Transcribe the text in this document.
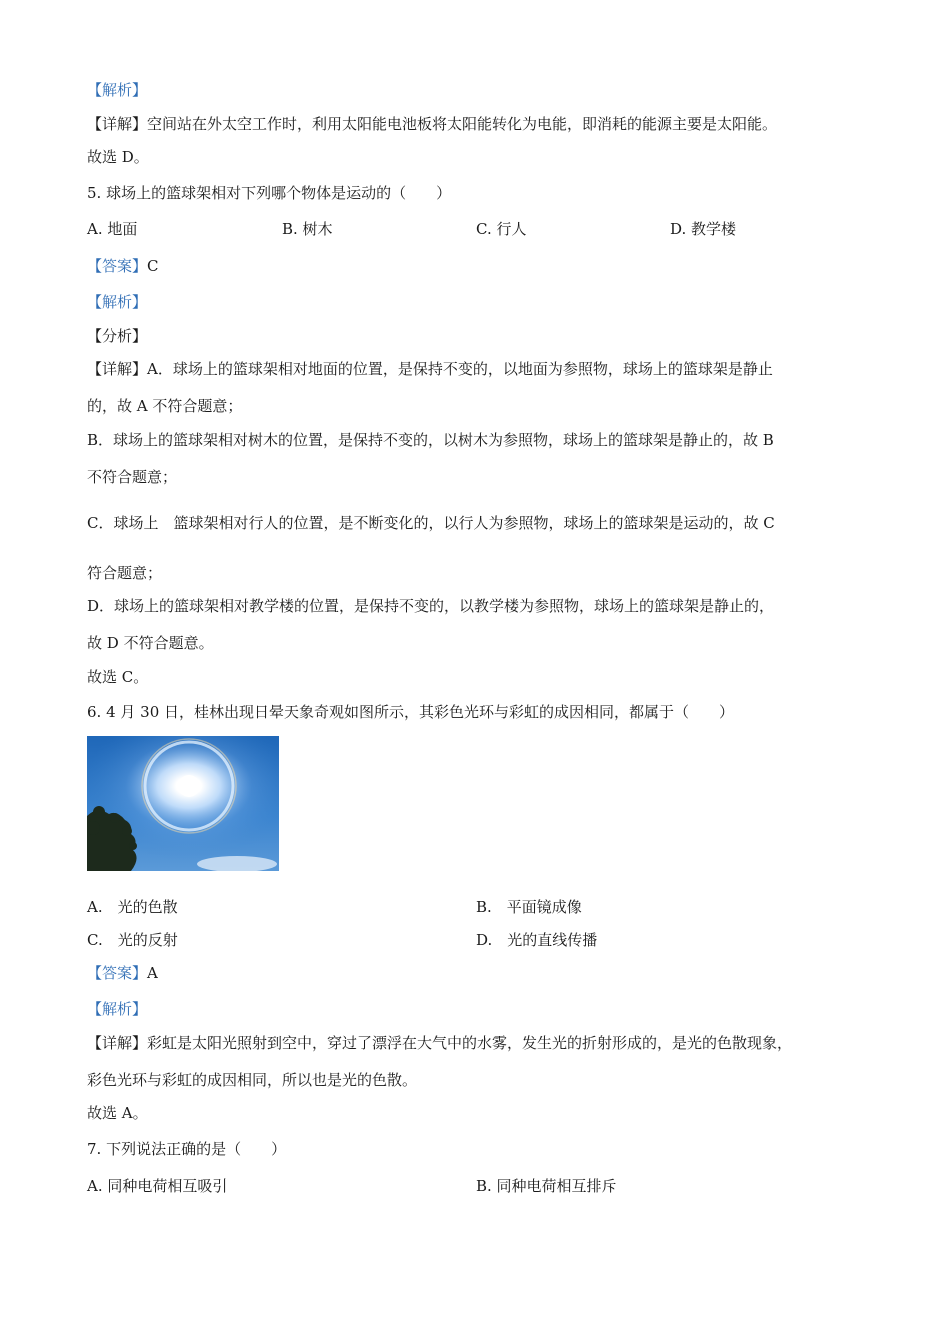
【解析】
【详解】空间站在外太空工作时，利用太阳能电池板将太阳能转化为电能，即消耗的能源主要是太阳能。
故选 D。
5. 球场上的篮球架相对下列哪个物体是运动的（　　）
A. 地面	B. 树木	C. 行人	D. 教学楼
【答案】C
【解析】
【分析】
【详解】A．球场上的篮球架相对地面的位置，是保持不变的，以地面为参照物，球场上的篮球架是静止
的，故 A 不符合题意；
B．球场上的篮球架相对树木的位置，是保持不变的，以树木为参照物，球场上的篮球架是静止的，故 B
不符合题意；
C．球场上　篮球架相对行人的位置，是不断变化的，以行人为参照物，球场上的篮球架是运动的，故 C
符合题意；
D．球场上的篮球架相对教学楼的位置，是保持不变的，以教学楼为参照物，球场上的篮球架是静止的，
故 D 不符合题意。
故选 C。
6. 4 月 30 日，桂林出现日晕天象奇观如图所示，其彩色光环与彩虹的成因相同，都属于（　　）
A.　光的色散	B.　平面镜成像
C.　光的反射	D.　光的直线传播
【答案】A
【解析】
【详解】彩虹是太阳光照射到空中，穿过了漂浮在大气中的水雾，发生光的折射形成的，是光的色散现象，
彩色光环与彩虹的成因相同，所以也是光的色散。
故选 A。
7. 下列说法正确的是（　　）
A. 同种电荷相互吸引	B. 同种电荷相互排斥
